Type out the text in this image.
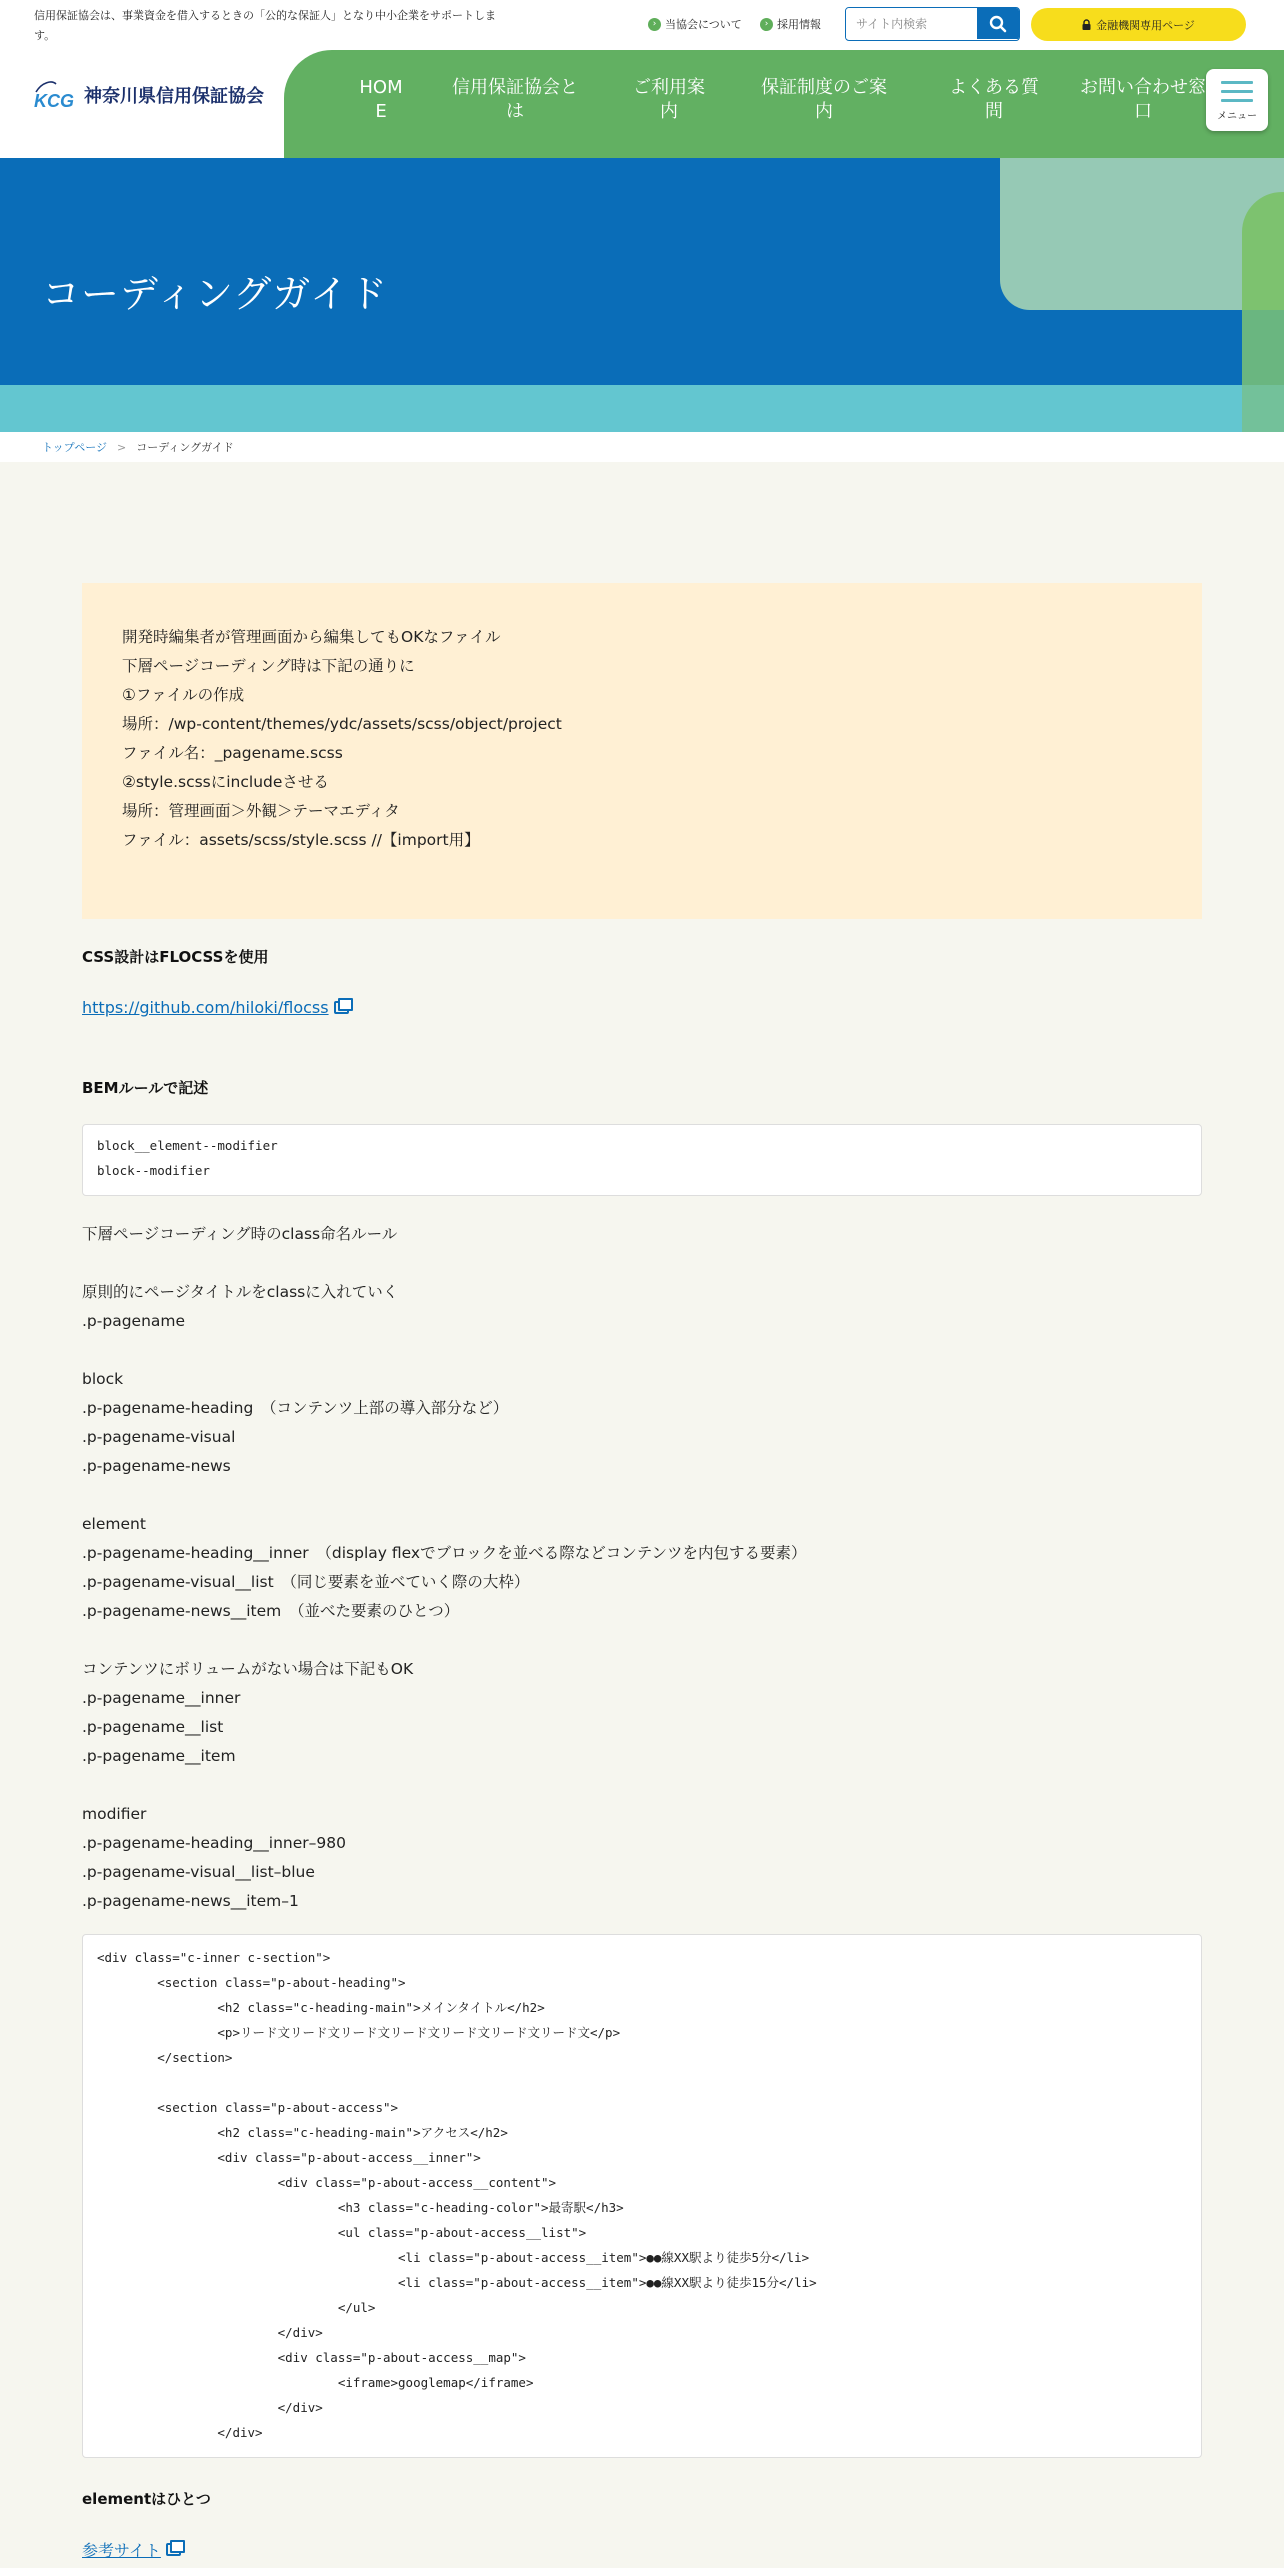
信用保証協会は、事業資金を借入するときの「公的な保証人」となり中小企業をサポートします。
› 当協会について	› 採用情報
サイト内検索	金融機関専用ページ
KCG 神奈川県信用保証協会	HOM
E
信用保証協会と
は
ご利用案
内
保証制度のご案
内
よくある質
問
お問い合わせ窓
口	メニュー
コーディングガイド
トップページ > コーディングガイド

開発時編集者が管理画面から編集してもOKなファイル

下層ページコーディング時は下記の通りに

①ファイルの作成

場所：/wp-content/themes/ydc/assets/scss/object/project

ファイル名：_pagename.scss

②style.scssにincludeさせる

場所：管理画面＞外観＞テーマエディタ

ファイル：assets/scss/style.scss //【import用】

CSS設計はFLOCSSを使用
https://github.com/hiloki/flocss
BEMルールで記述
block__element--modifier
block--modifier

下層ページコーディング時のclass命名ルール

原則的にページタイトルをclassに入れていく

.p-pagename

block

.p-pagename-heading　（コンテンツ上部の導入部分など）

.p-pagename-visual

.p-pagename-news

element

.p-pagename-heading__inner　（display flexでブロックを並べる際などコンテンツを内包する要素）

.p-pagename-visual__list　（同じ要素を並べていく際の大枠）

.p-pagename-news__item　（並べた要素のひとつ）

コンテンツにボリュームがない場合は下記もOK

.p-pagename__inner

.p-pagename__list

.p-pagename__item

modifier

.p-pagename-heading__inner–980

.p-pagename-visual__list–blue

.p-pagename-news__item–1

<div class="c-inner c-section">
<section class="p-about-heading">
<h2 class="c-heading-main">メインタイトル</h2>
<p>リード文リード文リード文リード文リード文リード文リード文</p>
</section>
<section class="p-about-access">
<h2 class="c-heading-main">アクセス</h2>
<div class="p-about-access__inner">
<div class="p-about-access__content">
<h3 class="c-heading-color">最寄駅</h3>
<ul class="p-about-access__list">
<li class="p-about-access__item">●●線XX駅より徒歩5分</li>
<li class="p-about-access__item">●●線XX駅より徒歩15分</li>
</ul>
</div>
<div class="p-about-access__map">
<iframe>googlemap</iframe>
</div>
</div>
elementはひとつ
参考サイト
